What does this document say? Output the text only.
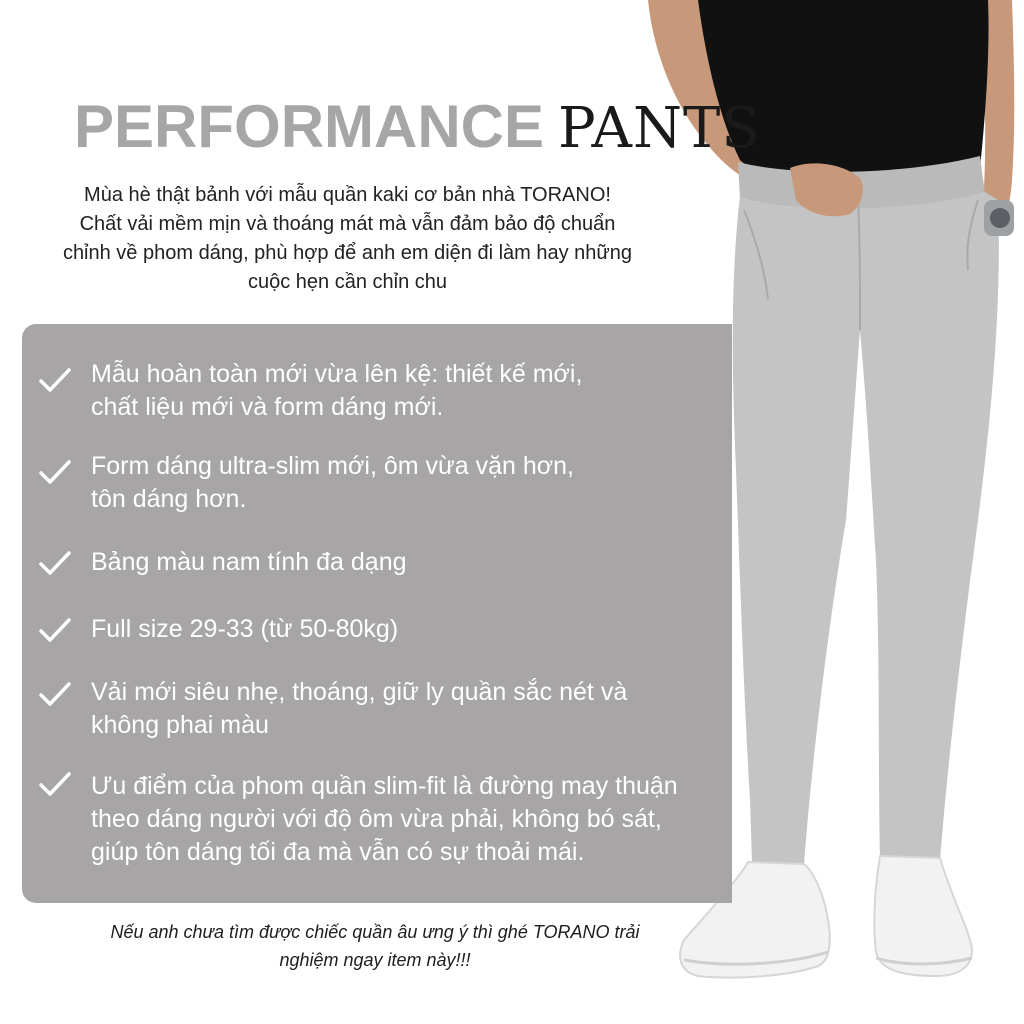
PERFORMANCE PANTS
Mùa hè thật bảnh với mẫu quần kaki cơ bản nhà TORANO!
Chất vải mềm mịn và thoáng mát mà vẫn đảm bảo độ chuẩn
chỉnh về phom dáng, phù hợp để anh em diện đi làm hay những
cuộc hẹn cần chỉn chu
Mẫu hoàn toàn mới vừa lên kệ: thiết kế mới,
chất liệu mới và form dáng mới.
Form dáng ultra-slim mới, ôm vừa vặn hơn,
tôn dáng hơn.
Bảng màu nam tính đa dạng
Full size 29-33 (từ 50-80kg)
Vải mới siêu nhẹ, thoáng, giữ ly quần sắc nét và
không phai màu
Ưu điểm của phom quần slim-fit là đường may thuận
theo dáng người với độ ôm vừa phải, không bó sát,
giúp tôn dáng tối đa mà vẫn có sự thoải mái.
Nếu anh chưa tìm được chiếc quần âu ưng ý thì ghé TORANO trải
nghiệm ngay item này!!!
